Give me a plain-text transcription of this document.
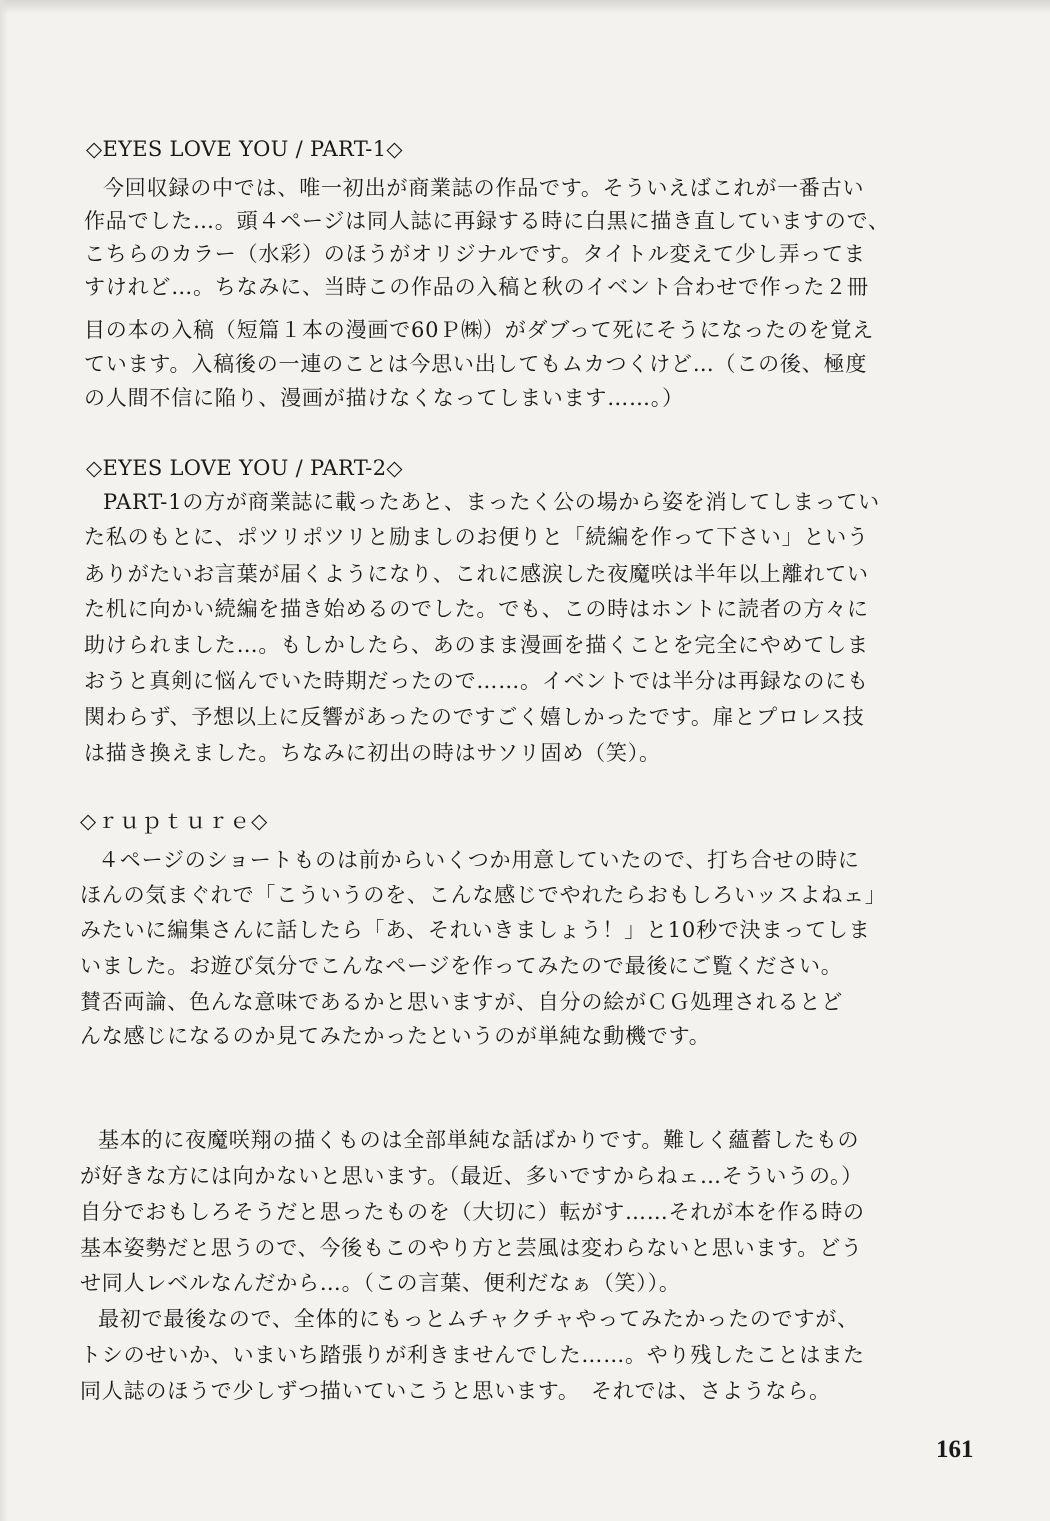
◇EYES LOVE YOU / PART-1◇

今回収録の中では、唯一初出が商業誌の作品です。そういえばこれが一番古い

作品でした…。頭４ページは同人誌に再録する時に白黒に描き直していますので、

こちらのカラー（水彩）のほうがオリジナルです。タイトル変えて少し弄ってま

すけれど…。ちなみに、当時この作品の入稿と秋のイベント合わせで作った２冊

目の本の入稿（短篇１本の漫画で60Ｐ㈱）がダブって死にそうになったのを覚え

ています。入稿後の一連のことは今思い出してもムカつくけど…（この後、極度

の人間不信に陥り、漫画が描けなくなってしまいます……。）

◇EYES LOVE YOU / PART-2◇

PART-1の方が商業誌に載ったあと、まったく公の場から姿を消してしまってい

た私のもとに、ポツリポツリと励ましのお便りと「続編を作って下さい」という

ありがたいお言葉が届くようになり、これに感涙した夜魔咲は半年以上離れてい

た机に向かい続編を描き始めるのでした。でも、この時はホントに読者の方々に

助けられました…。もしかしたら、あのまま漫画を描くことを完全にやめてしま

おうと真剣に悩んでいた時期だったので……。イベントでは半分は再録なのにも

関わらず、予想以上に反響があったのですごく嬉しかったです。扉とプロレス技

は描き換えました。ちなみに初出の時はサソリ固め（笑）。

◇ｒｕｐｔｕｒｅ◇

４ページのショートものは前からいくつか用意していたので、打ち合せの時に

ほんの気まぐれで「こういうのを、こんな感じでやれたらおもしろいッスよねェ」

みたいに編集さんに話したら「あ、それいきましょう！」と10秒で決まってしま

いました。お遊び気分でこんなページを作ってみたので最後にご覧ください。

賛否両論、色んな意味であるかと思いますが、自分の絵がＣＧ処理されるとど

んな感じになるのか見てみたかったというのが単純な動機です。

基本的に夜魔咲翔の描くものは全部単純な話ばかりです。難しく蘊蓄したもの

が好きな方には向かないと思います。（最近、多いですからねェ…そういうの。）

自分でおもしろそうだと思ったものを（大切に）転がす……それが本を作る時の

基本姿勢だと思うので、今後もこのやり方と芸風は変わらないと思います。どう

せ同人レベルなんだから…。（この言葉、便利だなぁ（笑））。

最初で最後なので、全体的にもっとムチャクチャやってみたかったのですが、

トシのせいか、いまいち踏張りが利きませんでした……。やり残したことはまた

同人誌のほうで少しずつ描いていこうと思います。　それでは、さようなら。

161
